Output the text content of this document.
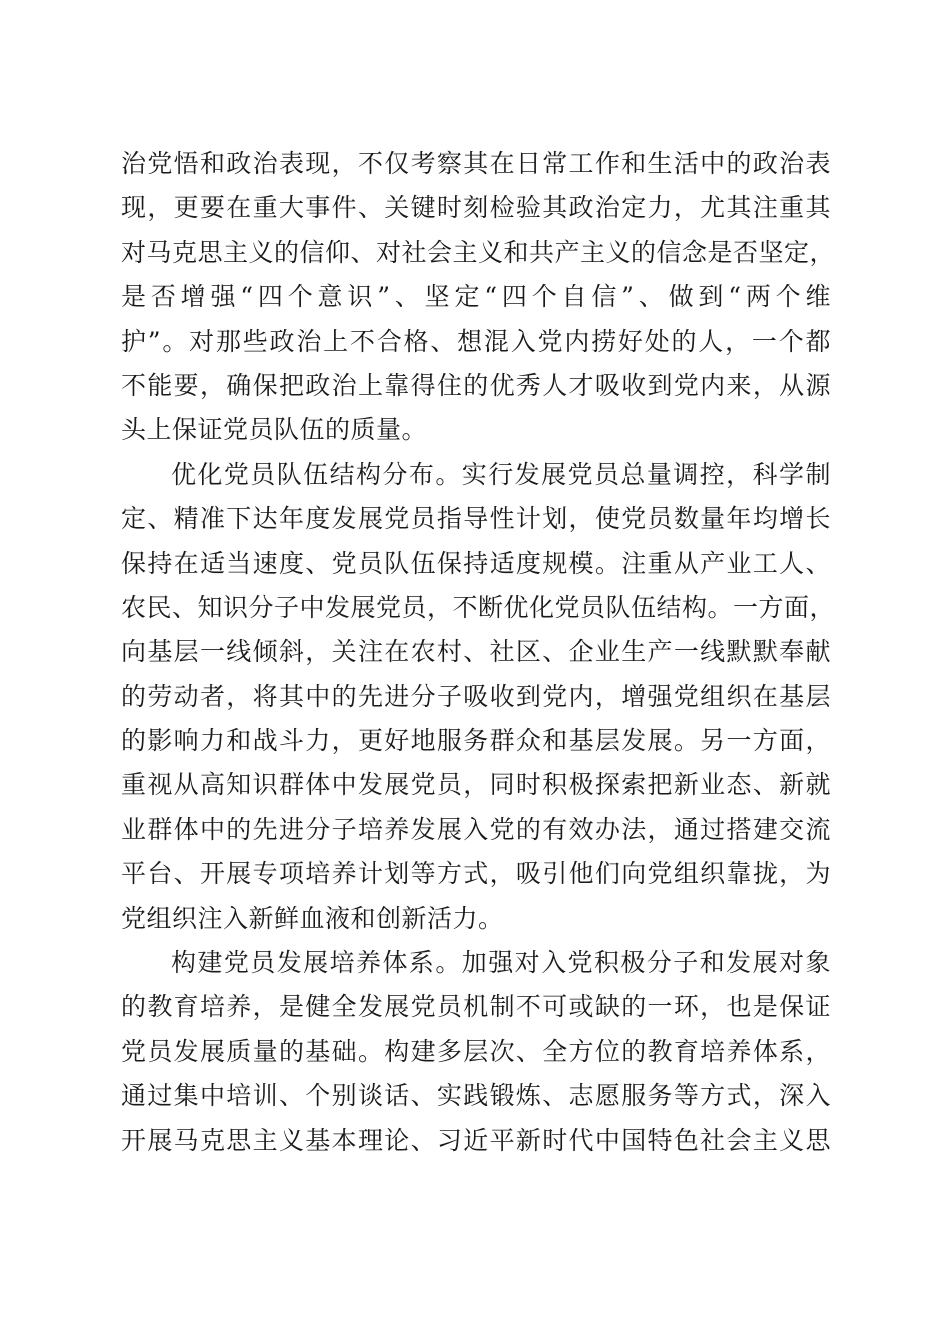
治党悟和政治表现，不仅考察其在日常工作和生活中的政治表
现，更要在重大事件、关键时刻检验其政治定力，尤其注重其
对马克思主义的信仰、对社会主义和共产主义的信念是否坚定，
是否增强“四个意识”、坚定“四个自信”、做到“两个维
护”。对那些政治上不合格、想混入党内捞好处的人，一个都
不能要，确保把政治上靠得住的优秀人才吸收到党内来，从源
头上保证党员队伍的质量。
优化党员队伍结构分布。实行发展党员总量调控，科学制
定、精准下达年度发展党员指导性计划，使党员数量年均增长
保持在适当速度、党员队伍保持适度规模。注重从产业工人、
农民、知识分子中发展党员，不断优化党员队伍结构。一方面，
向基层一线倾斜，关注在农村、社区、企业生产一线默默奉献
的劳动者，将其中的先进分子吸收到党内，增强党组织在基层
的影响力和战斗力，更好地服务群众和基层发展。另一方面，
重视从高知识群体中发展党员，同时积极探索把新业态、新就
业群体中的先进分子培养发展入党的有效办法，通过搭建交流
平台、开展专项培养计划等方式，吸引他们向党组织靠拢，为
党组织注入新鲜血液和创新活力。
构建党员发展培养体系。加强对入党积极分子和发展对象
的教育培养，是健全发展党员机制不可或缺的一环，也是保证
党员发展质量的基础。构建多层次、全方位的教育培养体系，
通过集中培训、个别谈话、实践锻炼、志愿服务等方式，深入
开展马克思主义基本理论、习近平新时代中国特色社会主义思
